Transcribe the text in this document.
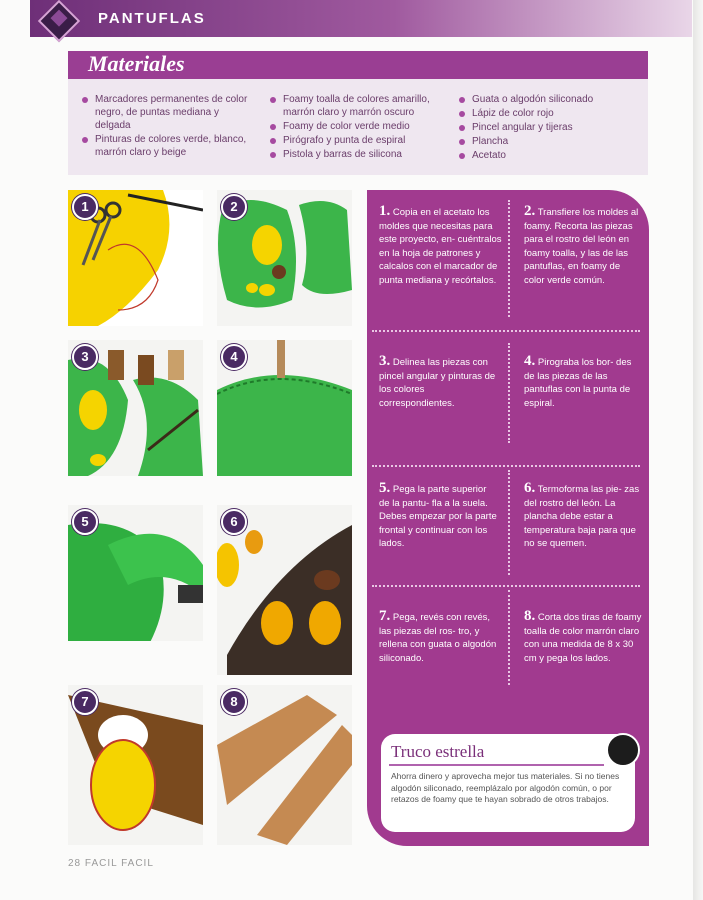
PANTUFLAS
Materiales
Marcadores permanentes de color negro, de puntas mediana y delgada
Pinturas de colores verde, blanco, marrón claro y beige
Foamy toalla de colores amarillo, marrón claro y marrón oscuro
Foamy de color verde medio
Pirógrafo y punta de espiral
Pistola y barras de silicona
Guata o algodón siliconado
Lápiz de color rojo
Pincel angular y tijeras
Plancha
Acetato
1	2
3	4
5	6
7	8
1. Copia en el acetato los moldes que necesitas para este proyecto, en- cuéntralos en la hoja de patrones y calcalos con el marcador de punta mediana y recórtalos.
2. Transfiere los moldes al foamy. Recorta las piezas para el rostro del león en foamy toalla, y las de las pantuflas, en foamy de color verde común.
3. Delinea las piezas con pincel angular y pinturas de los colores correspondientes.
4. Pirograba los bor- des de las piezas de las pantuflas con la punta de espiral.
5. Pega la parte superior de la pantu- fla a la suela. Debes empezar por la parte frontal y continuar con los lados.
6. Termoforma las pie- zas del rostro del león. La plancha debe estar a temperatura baja para que no se quemen.
7. Pega, revés con revés, las piezas del ros- tro, y rellena con guata o algodón siliconado.
8. Corta dos tiras de foamy toalla de color marrón claro con una medida de 8 x 30 cm y pega los lados.
Truco estrella
Ahorra dinero y aprovecha mejor tus materiales. Si no tienes algodón siliconado, reemplázalo por algodón común, o por retazos de foamy que te hayan sobrado de otros trabajos.
28 FACIL FACIL
